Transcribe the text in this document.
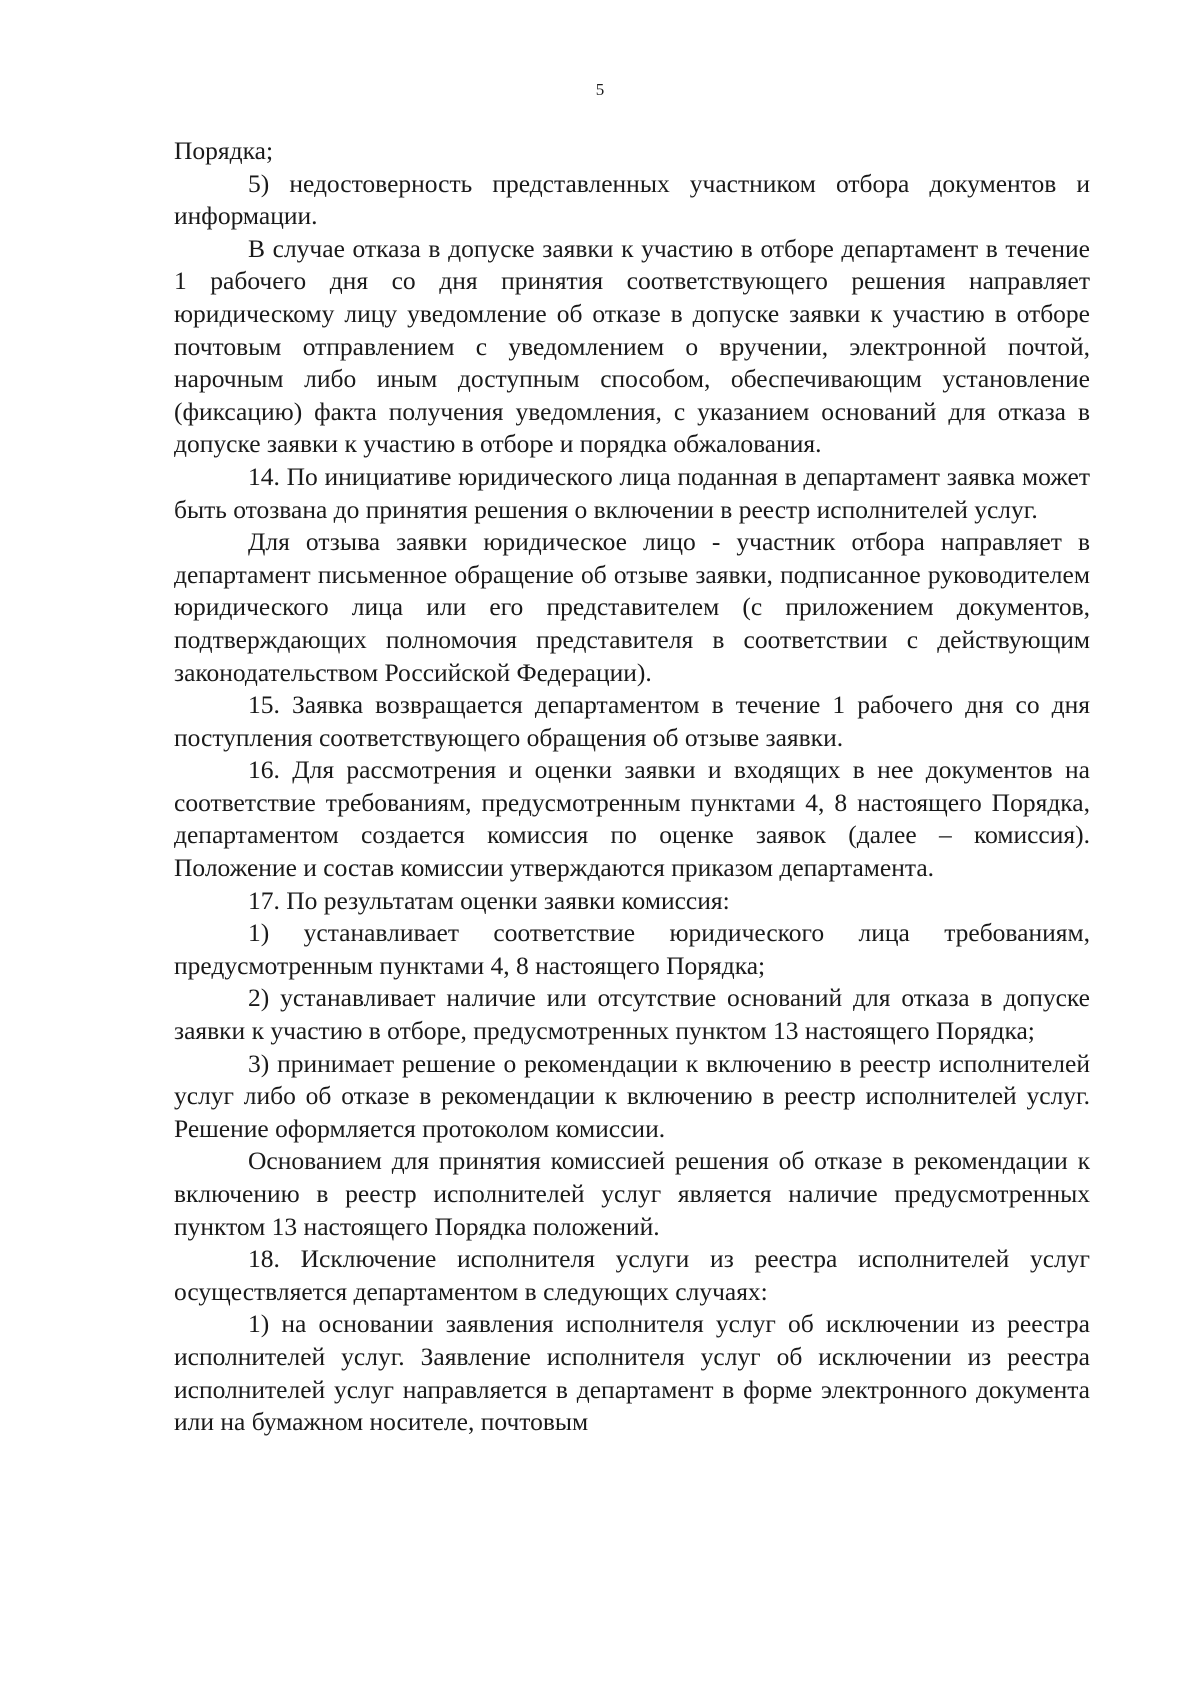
5

Порядка;

5) недостоверность представленных участником отбора документов и информации.

В случае отказа в допуске заявки к участию в отборе департамент в течение 1 рабочего дня со дня принятия соответствующего решения направляет юридическому лицу уведомление об отказе в допуске заявки к участию в отборе почтовым отправлением с уведомлением о вручении, электронной почтой, нарочным либо иным доступным способом, обеспечивающим установление (фиксацию) факта получения уведомления, с указанием оснований для отказа в допуске заявки к участию в отборе и порядка обжалования.

14. По инициативе юридического лица поданная в департамент заявка может быть отозвана до принятия решения о включении в реестр исполнителей услуг.

Для отзыва заявки юридическое лицо - участник отбора направляет в департамент письменное обращение об отзыве заявки, подписанное руководителем юридического лица или его представителем (с приложением документов, подтверждающих полномочия представителя в соответствии с действующим законодательством Российской Федерации).

15. Заявка возвращается департаментом в течение 1 рабочего дня со дня поступления соответствующего обращения об отзыве заявки.

16. Для рассмотрения и оценки заявки и входящих в нее документов на соответствие требованиям, предусмотренным пунктами 4, 8 настоящего Порядка, департаментом создается комиссия по оценке заявок (далее – комиссия). Положение и состав комиссии утверждаются приказом департамента.

17. По результатам оценки заявки комиссия:

1) устанавливает соответствие юридического лица требованиям, предусмотренным пунктами 4, 8 настоящего Порядка;

2) устанавливает наличие или отсутствие оснований для отказа в допуске заявки к участию в отборе, предусмотренных пунктом 13 настоящего Порядка;

3) принимает решение о рекомендации к включению в реестр исполнителей услуг либо об отказе в рекомендации к включению в реестр исполнителей услуг. Решение оформляется протоколом комиссии.

Основанием для принятия комиссией решения об отказе в рекомендации к включению в реестр исполнителей услуг является наличие предусмотренных пунктом 13 настоящего Порядка положений.

18. Исключение исполнителя услуги из реестра исполнителей услуг осуществляется департаментом в следующих случаях:

1) на основании заявления исполнителя услуг об исключении из реестра исполнителей услуг. Заявление исполнителя услуг об исключении из реестра исполнителей услуг направляется в департамент в форме электронного документа или на бумажном носителе, почтовым
